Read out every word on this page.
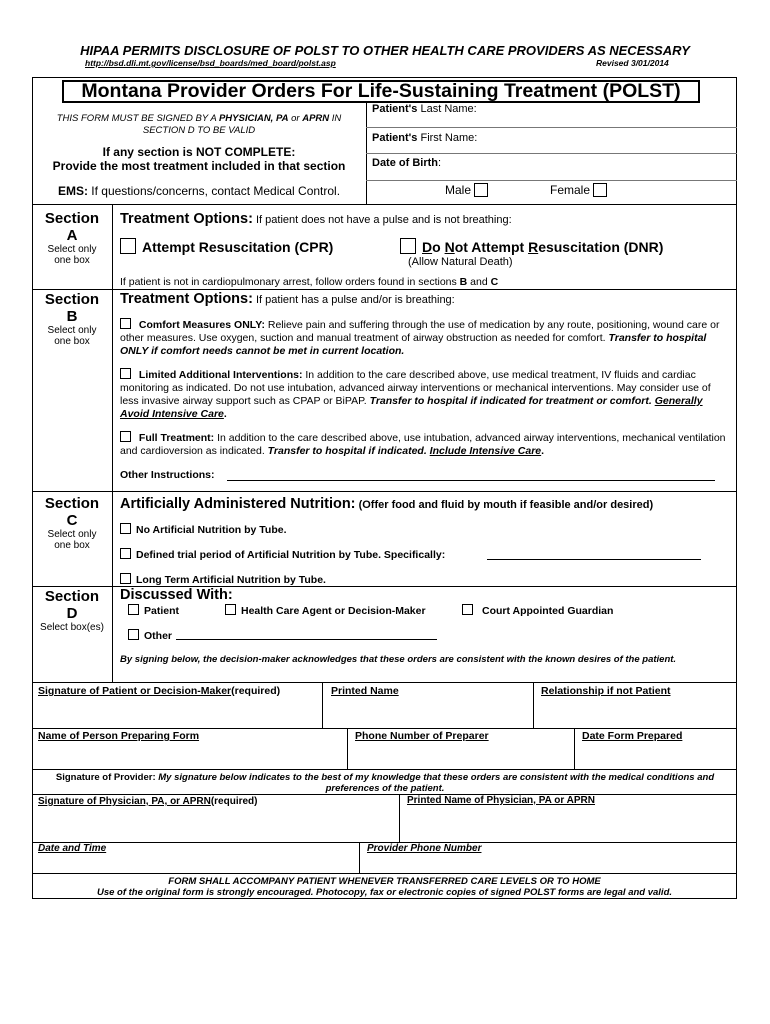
HIPAA PERMITS DISCLOSURE OF POLST TO OTHER HEALTH CARE PROVIDERS AS NECESSARY
http://bsd.dli.mt.gov/license/bsd_boards/med_board/polst.asp	Revised 3/01/2014
Montana Provider Orders For Life-Sustaining Treatment (POLST)
THIS FORM MUST BE SIGNED BY A PHYSICIAN, PA or APRN IN
SECTION D TO BE VALID
If any section is NOT COMPLETE:
Provide the most treatment included in that section
EMS: If questions/concerns, contact Medical Control.
Patient's Last Name:
Patient's First Name:
Date of Birth:
Male	Female
Section
A
Select only
one box
Treatment Options: If patient does not have a pulse and is not breathing:
Attempt Resuscitation (CPR)	Do Not Attempt Resuscitation (DNR)
(Allow Natural Death)
If patient is not in cardiopulmonary arrest, follow orders found in sections B and C
Section
B
Select only
one box
Treatment Options: If patient has a pulse and/or is breathing:
Comfort Measures ONLY: Relieve pain and suffering through the use of medication by any route, positioning, wound care or other measures. Use oxygen, suction and manual treatment of airway obstruction as needed for comfort. Transfer to hospital ONLY if comfort needs cannot be met in current location.
Limited Additional Interventions: In addition to the care described above, use medical treatment, IV fluids and cardiac monitoring as indicated. Do not use intubation, advanced airway interventions or mechanical interventions. May consider use of less invasive airway support such as CPAP or BiPAP. Transfer to hospital if indicated for treatment or comfort. Generally Avoid Intensive Care.
Full Treatment: In addition to the care described above, use intubation, advanced airway interventions, mechanical ventilation and cardioversion as indicated. Transfer to hospital if indicated. Include Intensive Care.
Other Instructions:
Section
C
Select only
one box
Artificially Administered Nutrition: (Offer food and fluid by mouth if feasible and/or desired)
No Artificial Nutrition by Tube.
Defined trial period of Artificial Nutrition by Tube. Specifically:
Long Term Artificial Nutrition by Tube.
Section
D
Select box(es)
Discussed With:
Patient	Health Care Agent or Decision-Maker	Court Appointed Guardian
Other
By signing below, the decision-maker acknowledges that these orders are consistent with the known desires of the patient.
Signature of Patient or Decision-Maker(required)	Printed Name	Relationship if not Patient
Name of Person Preparing Form	Phone Number of Preparer	Date Form Prepared
Signature of Provider: My signature below indicates to the best of my knowledge that these orders are consistent with the medical conditions and preferences of the patient.
Signature of Physician, PA, or APRN(required)	Printed Name of Physician, PA or APRN
Date and Time	Provider Phone Number
FORM SHALL ACCOMPANY PATIENT WHENEVER TRANSFERRED CARE LEVELS OR TO HOME
Use of the original form is strongly encouraged. Photocopy, fax or electronic copies of signed POLST forms are legal and valid.
